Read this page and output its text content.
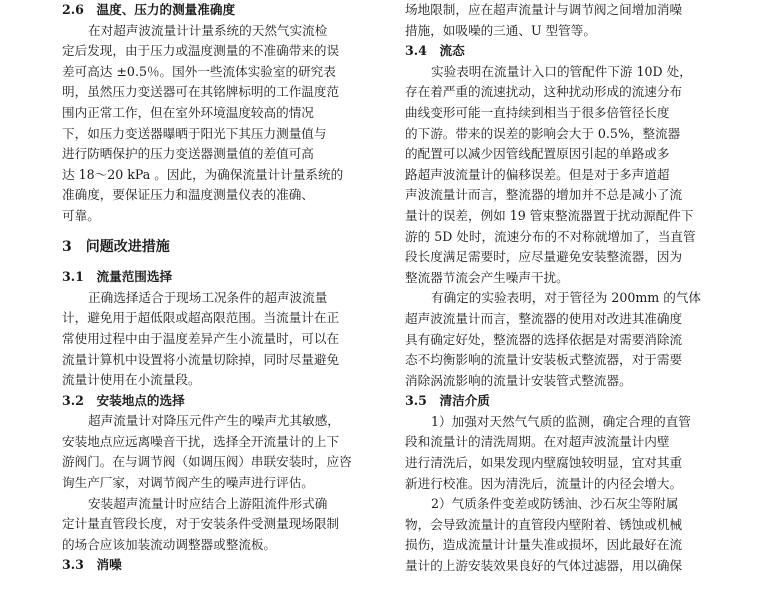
2.6　温度、压力的测量准确度
在对超声波流量计计量系统的天然气实流检
定后发现，由于压力或温度测量的不准确带来的误
差可高达 ±0.5％。国外一些流体实验室的研究表
明，虽然压力变送器可在其铭牌标明的工作温度范
围内正常工作，但在室外环境温度较高的情况
下，如压力变送器曝晒于阳光下其压力测量值与
进行防晒保护的压力变送器测量值的差值可高
达 18～20 kPa 。因此，为确保流量计计量系统的
准确度，要保证压力和温度测量仪表的准确、
可靠。
3　问题改进措施
3.1　流量范围选择
正确选择适合于现场工况条件的超声波流量
计，避免用于超低限或超高限范围。当流量计在正
常使用过程中由于温度差异产生小流量时，可以在
流量计算机中设置将小流量切除掉，同时尽量避免
流量计使用在小流量段。
3.2　安装地点的选择
超声流量计对降压元件产生的噪声尤其敏感，
安装地点应远离噪音干扰，选择全开流量计的上下
游阀门。在与调节阀（如调压阀）串联安装时，应咨
询生产厂家，对调节阀产生的噪声进行评估。
安装超声流量计时应结合上游阻流件形式确
定计量直管段长度，对于安装条件受测量现场限制
的场合应该加装流动调整器或整流板。
3.3　消噪
场地限制，应在超声流量计与调节阀之间增加消噪
措施，如吸噪的三通、U 型管等。
3.4　流态
实验表明在流量计入口的管配件下游 10D 处，
存在着严重的流速扰动，这种扰动形成的流速分布
曲线变形可能一直持续到相当于很多倍管径长度
的下游。带来的误差的影响会大于 0.5%，整流器
的配置可以减少因管线配置原因引起的单路或多
路超声波流量计的偏移误差。但是对于多声道超
声波流量计而言，整流器的增加并不总是减小了流
量计的误差，例如 19 管束整流器置于扰动源配件下
游的 5D 处时，流速分布的不对称就增加了，当直管
段长度满足需要时，应尽量避免安装整流器，因为
整流器节流会产生噪声干扰。
有确定的实验表明，对于管径为 200mm 的气体
超声波流量计而言，整流器的使用对改进其准确度
具有确定好处，整流器的选择依据是对需要消除流
态不均衡影响的流量计安装板式整流器，对于需要
消除涡流影响的流量计安装管式整流器。
3.5　清洁介质
1）加强对天然气气质的监测，确定合理的直管
段和流量计的清洗周期。在对超声波流量计内壁
进行清洗后，如果发现内壁腐蚀较明显，宜对其重
新进行校准。因为清洗后，流量计的内径会增大。
2）气质条件变差或防锈油、沙石灰尘等附属
物，会导致流量计的直管段内壁附着、锈蚀或机械
损伤，造成流量计计量失准或损坏，因此最好在流
量计的上游安装效果良好的气体过滤器，用以确保
